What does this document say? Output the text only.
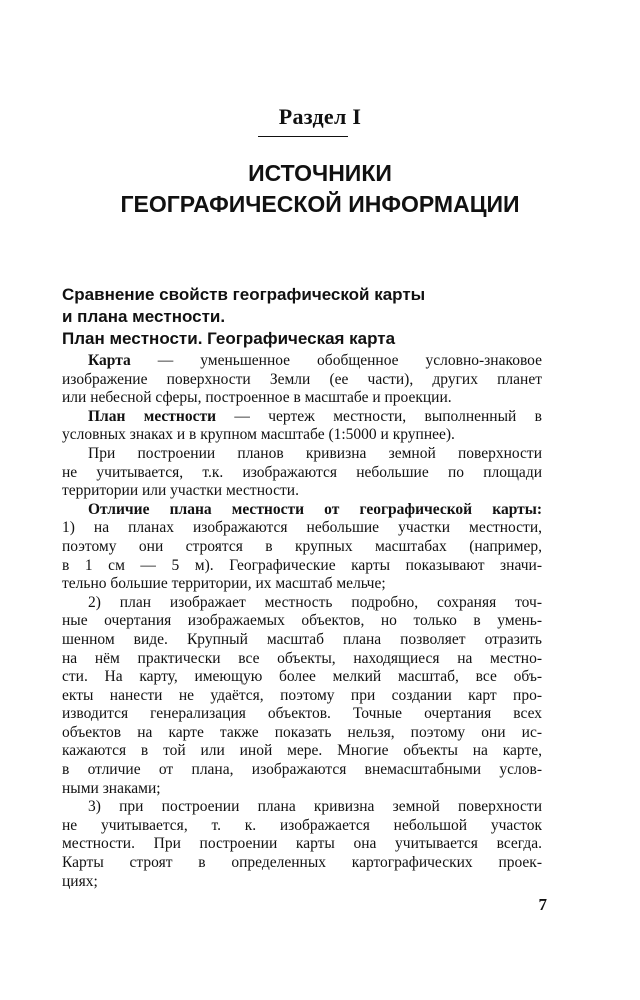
Раздел I
ИСТОЧНИКИ
ГЕОГРАФИЧЕСКОЙ ИНФОРМАЦИИ
Сравнение свойств географической карты
и плана местности.
План местности. Географическая карта
Карта — уменьшенное обобщенное условно-знаковое
изображение поверхности Земли (ее части), других планет
или небесной сферы, построенное в масштабе и проекции.
План местности — чертеж местности, выполненный в
условных знаках и в крупном масштабе (1:5000 и крупнее).
При построении планов кривизна земной поверхности
не учитывается, т.к. изображаются небольшие по площади
территории или участки местности.
Отличие плана местности от географической карты:
1) на планах изображаются небольшие участки местности,
поэтому они строятся в крупных масштабах (например,
в 1 см — 5 м). Географические карты показывают значи-
тельно большие территории, их масштаб мельче;
2) план изображает местность подробно, сохраняя точ-
ные очертания изображаемых объектов, но только в умень-
шенном виде. Крупный масштаб плана позволяет отразить
на нём практически все объекты, находящиеся на местно-
сти. На карту, имеющую более мелкий масштаб, все объ-
екты нанести не удаётся, поэтому при создании карт про-
изводится генерализация объектов. Точные очертания всех
объектов на карте также показать нельзя, поэтому они ис-
кажаются в той или иной мере. Многие объекты на карте,
в отличие от плана, изображаются внемасштабными услов-
ными знаками;
3) при построении плана кривизна земной поверхности
не учитывается, т. к. изображается небольшой участок
местности. При построении карты она учитывается всегда.
Карты строят в определенных картографических проек-
циях;
7
